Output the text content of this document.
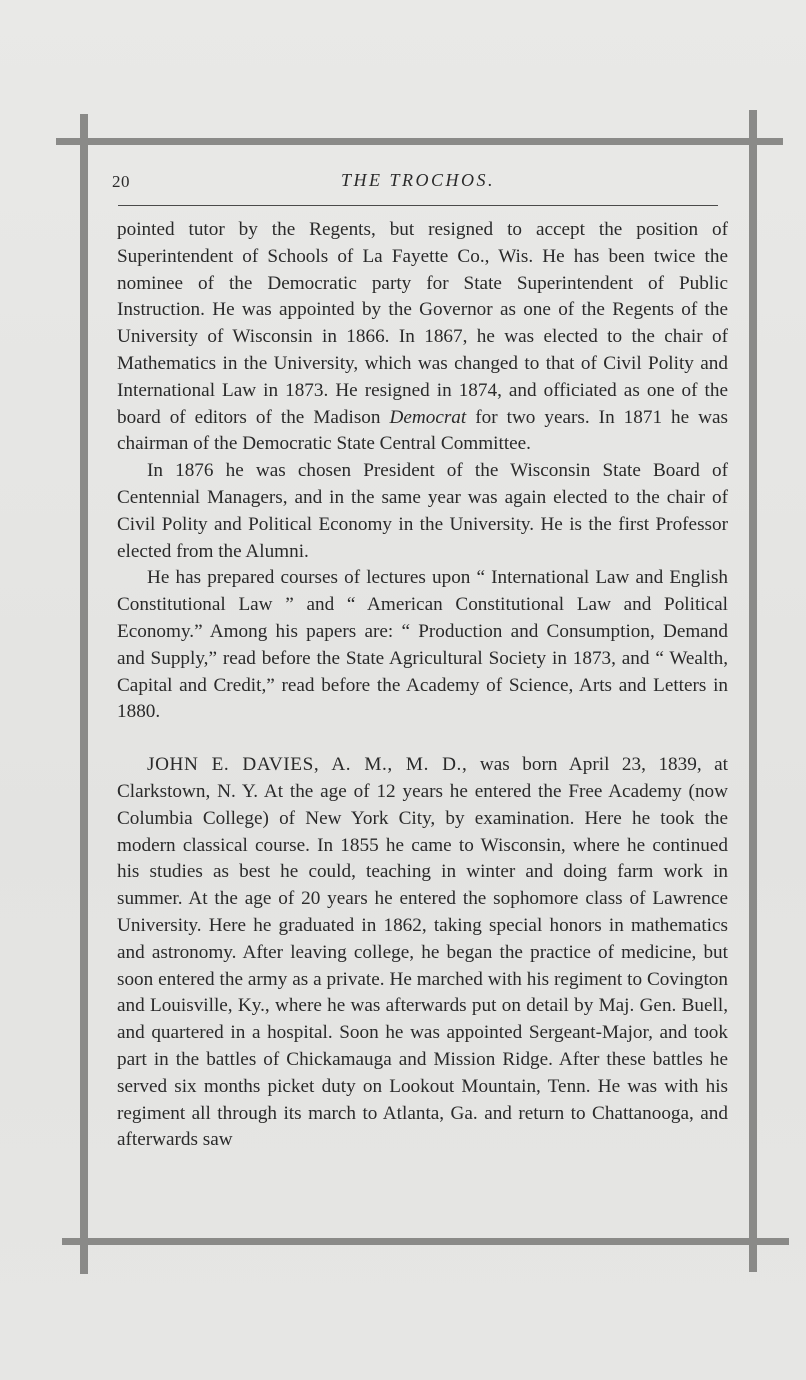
20	THE TROCHOS.

pointed tutor by the Regents, but resigned to accept the position of Superintendent of Schools of La Fayette Co., Wis. He has been twice the nominee of the Democratic party for State Superintendent of Public Instruction. He was appointed by the Governor as one of the Regents of the University of Wisconsin in 1866. In 1867, he was elected to the chair of Mathematics in the University, which was changed to that of Civil Polity and International Law in 1873. He resigned in 1874, and officiated as one of the board of editors of the Madison Democrat for two years. In 1871 he was chairman of the Democratic State Central Committee.

In 1876 he was chosen President of the Wisconsin State Board of Centennial Managers, and in the same year was again elected to the chair of Civil Polity and Political Economy in the University. He is the first Professor elected from the Alumni.

He has prepared courses of lectures upon “ International Law and English Constitutional Law ” and “ American Constitutional Law and Political Economy.” Among his papers are: “ Production and Consumption, Demand and Supply,” read before the State Agricultural Society in 1873, and “ Wealth, Capital and Credit,” read before the Academy of Science, Arts and Letters in 1880.

JOHN E. DAVIES, A. M., M. D., was born April 23, 1839, at Clarkstown, N. Y. At the age of 12 years he entered the Free Academy (now Columbia College) of New York City, by examination. Here he took the modern classical course. In 1855 he came to Wisconsin, where he continued his studies as best he could, teaching in winter and doing farm work in summer. At the age of 20 years he entered the sophomore class of Lawrence University. Here he graduated in 1862, taking special honors in mathematics and astronomy. After leaving college, he began the practice of medicine, but soon entered the army as a private. He marched with his regiment to Covington and Louisville, Ky., where he was afterwards put on detail by Maj. Gen. Buell, and quartered in a hospital. Soon he was appointed Sergeant-Major, and took part in the battles of Chickamauga and Mission Ridge. After these battles he served six months picket duty on Lookout Mountain, Tenn. He was with his regiment all through its march to Atlanta, Ga. and return to Chattanooga, and afterwards saw
